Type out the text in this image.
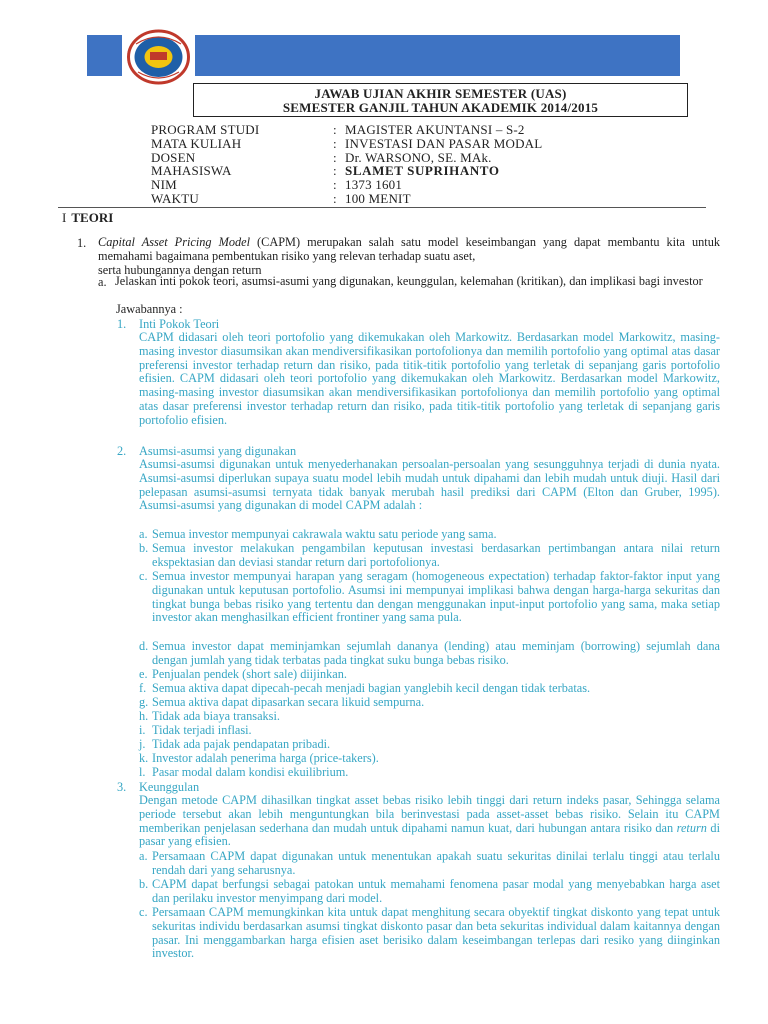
JAWAB UJIAN AKHIR SEMESTER (UAS)
SEMESTER GANJIL TAHUN AKADEMIK 2014/2015
PROGRAM STUDI	: MAGISTER AKUNTANSI – S-2
MATA KULIAH	: INVESTASI DAN PASAR MODAL
DOSEN	: Dr. WARSONO, SE. MAk.
MAHASISWA	: SLAMET SUPRIHANTO
NIM	: 1373 1601
WAKTU	: 100 MENIT
I TEORI
1. Capital Asset Pricing Model (CAPM) merupakan salah satu model keseimbangan yang dapat membantu kita untuk memahami bagaimana pembentukan risiko yang relevan terhadap suatu aset,
serta hubungannya dengan return
a. Jelaskan inti pokok teori, asumsi-asumi yang digunakan, keunggulan, kelemahan (kritikan), dan implikasi bagi investor
Jawabannya :
1. Inti Pokok Teori
CAPM didasari oleh teori portofolio yang dikemukakan oleh Markowitz. Berdasarkan model Markowitz, masing-masing investor diasumsikan akan mendiversifikasikan portofolionya dan memilih portofolio yang optimal atas dasar preferensi investor terhadap return dan risiko, pada titik-titik portofolio yang terletak di sepanjang garis portofolio efisien. CAPM didasari oleh teori portofolio yang dikemukakan oleh Markowitz. Berdasarkan model Markowitz, masing-masing investor diasumsikan akan mendiversifikasikan portofolionya dan memilih portofolio yang optimal atas dasar preferensi investor terhadap return dan risiko, pada titik-titik portofolio yang terletak di sepanjang garis portofolio efisien.
2. Asumsi-asumsi yang digunakan
Asumsi-asumsi digunakan untuk menyederhanakan persoalan-persoalan yang sesungguhnya terjadi di dunia nyata. Asumsi-asumsi diperlukan supaya suatu model lebih mudah untuk dipahami dan lebih mudah untuk diuji. Hasil dari pelepasan asumsi-asumsi ternyata tidak banyak merubah hasil prediksi dari CAPM (Elton dan Gruber, 1995). Asumsi-asumsi yang digunakan di model CAPM adalah :
a. Semua investor mempunyai cakrawala waktu satu periode yang sama.
b. Semua investor melakukan pengambilan keputusan investasi berdasarkan pertimbangan antara nilai return ekspektasian dan deviasi standar return dari portofolionya.
c. Semua investor mempunyai harapan yang seragam (homogeneous expectation) terhadap faktor-faktor input yang digunakan untuk keputusan portofolio. Asumsi ini mempunyai implikasi bahwa dengan harga-harga sekuritas dan tingkat bunga bebas risiko yang tertentu dan dengan menggunakan input-input portofolio yang sama, maka setiap investor akan menghasilkan efficient frontiner yang sama pula.
d. Semua investor dapat meminjamkan sejumlah dananya (lending) atau meminjam (borrowing) sejumlah dana dengan jumlah yang tidak terbatas pada tingkat suku bunga bebas risiko.
e. Penjualan pendek (short sale) diijinkan.
f. Semua aktiva dapat dipecah-pecah menjadi bagian yanglebih kecil dengan tidak terbatas.
g. Semua aktiva dapat dipasarkan secara likuid sempurna.
h. Tidak ada biaya transaksi.
i. Tidak terjadi inflasi.
j. Tidak ada pajak pendapatan pribadi.
k. Investor adalah penerima harga (price-takers).
l. Pasar modal dalam kondisi ekuilibrium.
3. Keunggulan
Dengan metode CAPM dihasilkan tingkat asset bebas risiko lebih tinggi dari return indeks pasar, Sehingga selama periode tersebut akan lebih menguntungkan bila berinvestasi pada asset-asset bebas risiko. Selain itu CAPM memberikan penjelasan sederhana dan mudah untuk dipahami namun kuat, dari hubungan antara risiko dan return di pasar yang efisien.
a. Persamaan CAPM dapat digunakan untuk menentukan apakah suatu sekuritas dinilai terlalu tinggi atau terlalu rendah dari yang seharusnya.
b. CAPM dapat berfungsi sebagai patokan untuk memahami fenomena pasar modal yang menyebabkan harga aset dan perilaku investor menyimpang dari model.
c. Persamaan CAPM memungkinkan kita untuk dapat menghitung secara obyektif tingkat diskonto yang tepat untuk sekuritas individu berdasarkan asumsi tingkat diskonto pasar dan beta sekuritas individual dalam kaitannya dengan pasar. Ini menggambarkan harga efisien aset berisiko dalam keseimbangan terlepas dari resiko yang diinginkan investor.
